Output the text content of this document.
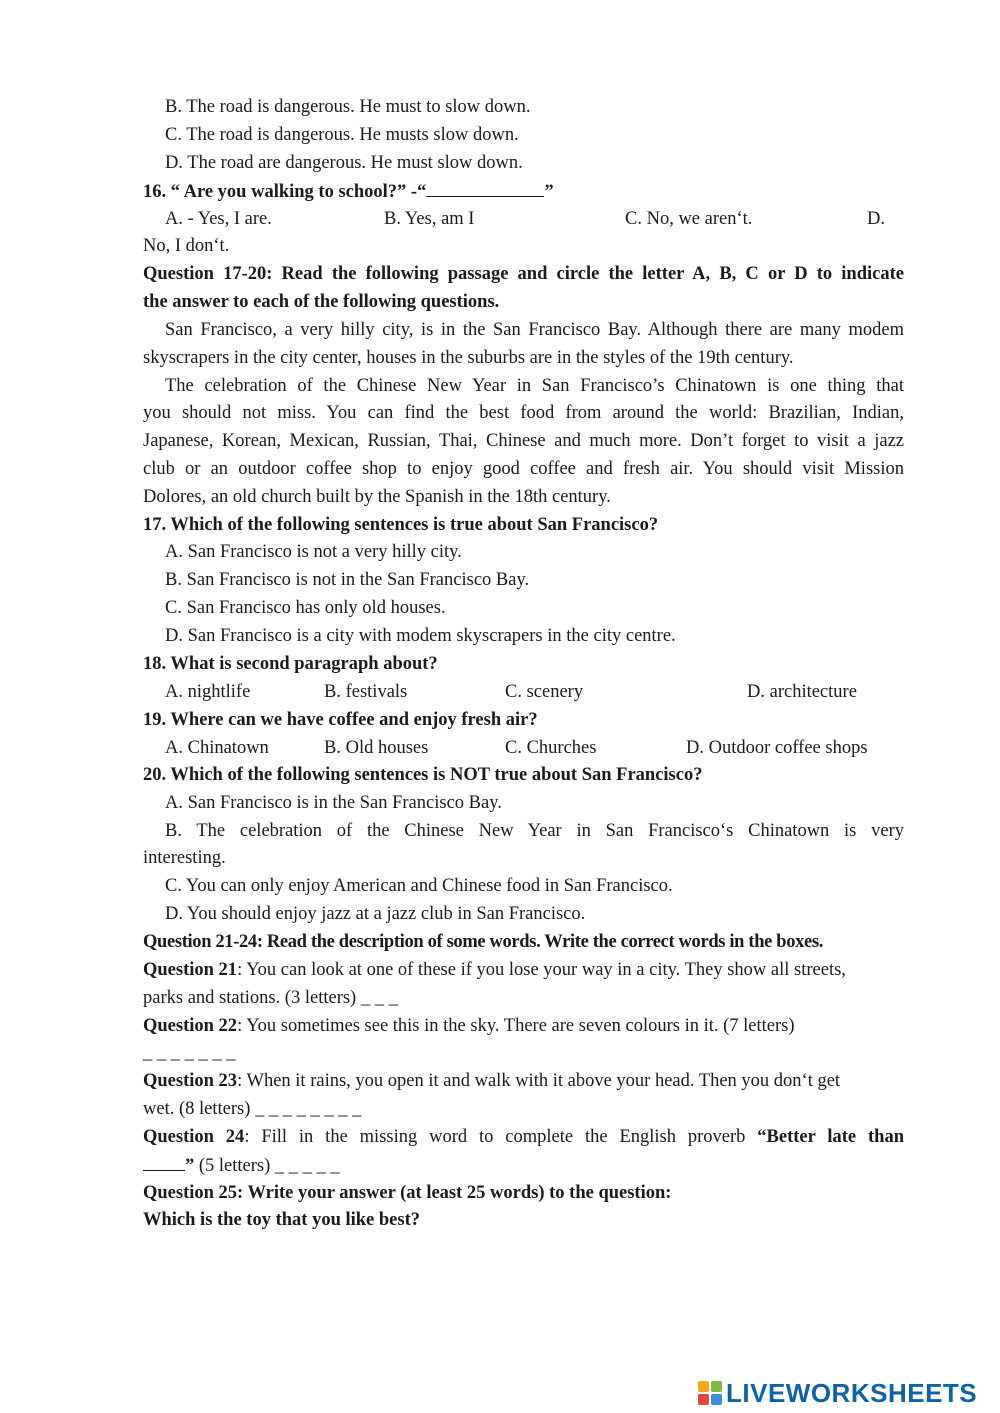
B. The road is dangerous. He must to slow down.
C. The road is dangerous. He musts slow down.
D. The road are dangerous. He must slow down.
16. “ Are you walking to school?” -“	”
A. - Yes, I are.	B. Yes, am I	C. No, we aren‘t.	D.
No, I don‘t.
Question 17-20: Read the following passage and circle the letter A, B, C or D to indicate
the answer to each of the following questions.
San Francisco, a very hilly city, is in the San Francisco Bay. Although there are many modem
skyscrapers in the city center, houses in the suburbs are in the styles of the 19th century.
The celebration of the Chinese New Year in San Francisco’s Chinatown is one thing that
you should not miss. You can find the best food from around the world: Brazilian, Indian,
Japanese, Korean, Mexican, Russian, Thai, Chinese and much more. Don’t forget to visit a jazz
club or an outdoor coffee shop to enjoy good coffee and fresh air. You should visit Mission
Dolores, an old church built by the Spanish in the 18th century.
17. Which of the following sentences is true about San Francisco?
A. San Francisco is not a very hilly city.
B. San Francisco is not in the San Francisco Bay.
C. San Francisco has only old houses.
D. San Francisco is a city with modem skyscrapers in the city centre.
18. What is second paragraph about?
A. nightlife	B. festivals	C. scenery	D. architecture
19. Where can we have coffee and enjoy fresh air?
A. Chinatown	B. Old houses	C. Churches	D. Outdoor coffee shops
20. Which of the following sentences is NOT true about San Francisco?
A. San Francisco is in the San Francisco Bay.
B. The celebration of the Chinese New Year in San Francisco‘s Chinatown is very
interesting.
C. You can only enjoy American and Chinese food in San Francisco.
D. You should enjoy jazz at a jazz club in San Francisco.
Question 21-24: Read the description of some words. Write the correct words in the boxes.
Question 21: You can look at one of these if you lose your way in a city. They show all streets,
parks and stations. (3 letters) _ _ _
Question 22: You sometimes see this in the sky. There are seven colours in it. (7 letters)
_ _ _ _ _ _ _
Question 23: When it rains, you open it and walk with it above your head. Then you don‘t get
wet. (8 letters) _ _ _ _ _ _ _ _
Question 24: Fill in the missing word to complete the English proverb “Better late than
” (5 letters) _ _ _ _ _
Question 25: Write your answer (at least 25 words) to the question:
Which is the toy that you like best?
LIVEWORKSHEETS
